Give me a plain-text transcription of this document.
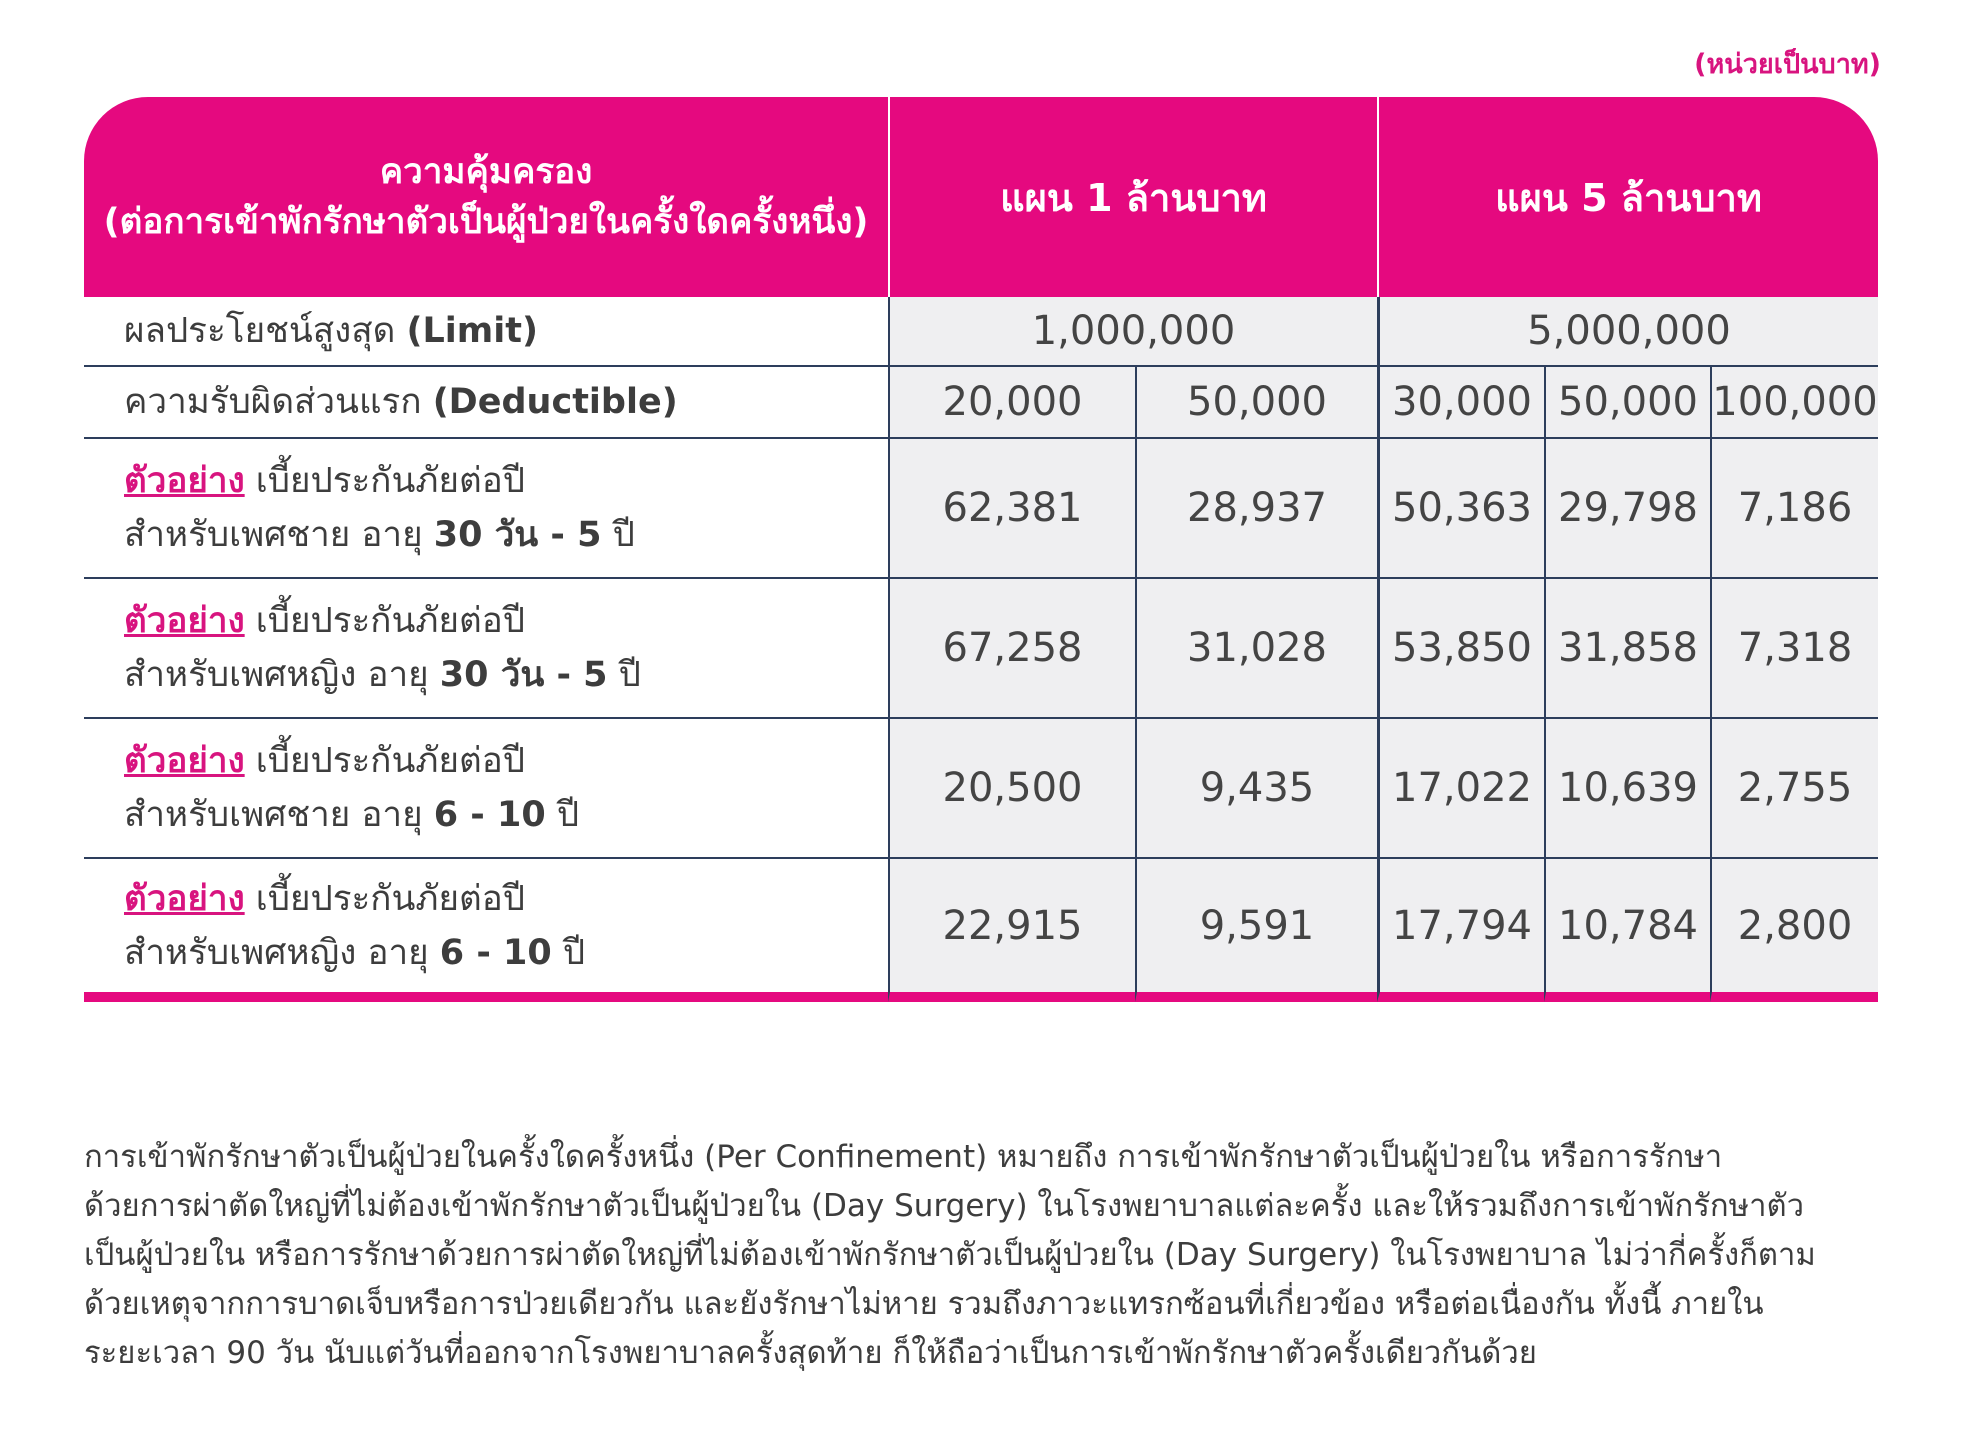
(หน่วยเป็นบาท)
ความคุ้มครอง
(ต่อการเข้าพักรักษาตัวเป็นผู้ป่วยในครั้งใดครั้งหนึ่ง)	แผน 1 ล้านบาท		แผน 5 ล้านบาท		
ผลประโยชน์สูงสุด (Limit)	1,000,000		5,000,000		
ความรับผิดส่วนแรก (Deductible)	20,000	50,000	30,000	50,000	100,000

ตัวอย่าง เบี้ยประกันภัยต่อปี
สำหรับเพศชาย อายุ 30 วัน - 5 ปี	62,381	28,937	50,363	29,798	7,186

ตัวอย่าง เบี้ยประกันภัยต่อปี
สำหรับเพศหญิง อายุ 30 วัน - 5 ปี	67,258	31,028	53,850	31,858	7,318

ตัวอย่าง เบี้ยประกันภัยต่อปี
สำหรับเพศชาย อายุ 6 - 10 ปี	20,500	9,435	17,022	10,639	2,755

ตัวอย่าง เบี้ยประกันภัยต่อปี
สำหรับเพศหญิง อายุ 6 - 10 ปี	22,915	9,591	17,794	10,784	2,800
การเข้าพักรักษาตัวเป็นผู้ป่วยในครั้งใดครั้งหนึ่ง (Per Confinement) หมายถึง การเข้าพักรักษาตัวเป็นผู้ป่วยใน หรือการรักษา
ด้วยการผ่าตัดใหญ่ที่ไม่ต้องเข้าพักรักษาตัวเป็นผู้ป่วยใน (Day Surgery) ในโรงพยาบาลแต่ละครั้ง และให้รวมถึงการเข้าพักรักษาตัว
เป็นผู้ป่วยใน หรือการรักษาด้วยการผ่าตัดใหญ่ที่ไม่ต้องเข้าพักรักษาตัวเป็นผู้ป่วยใน (Day Surgery) ในโรงพยาบาล ไม่ว่ากี่ครั้งก็ตาม
ด้วยเหตุจากการบาดเจ็บหรือการป่วยเดียวกัน และยังรักษาไม่หาย รวมถึงภาวะแทรกซ้อนที่เกี่ยวข้อง หรือต่อเนื่องกัน ทั้งนี้ ภายใน
ระยะเวลา 90 วัน นับแต่วันที่ออกจากโรงพยาบาลครั้งสุดท้าย ก็ให้ถือว่าเป็นการเข้าพักรักษาตัวครั้งเดียวกันด้วย
